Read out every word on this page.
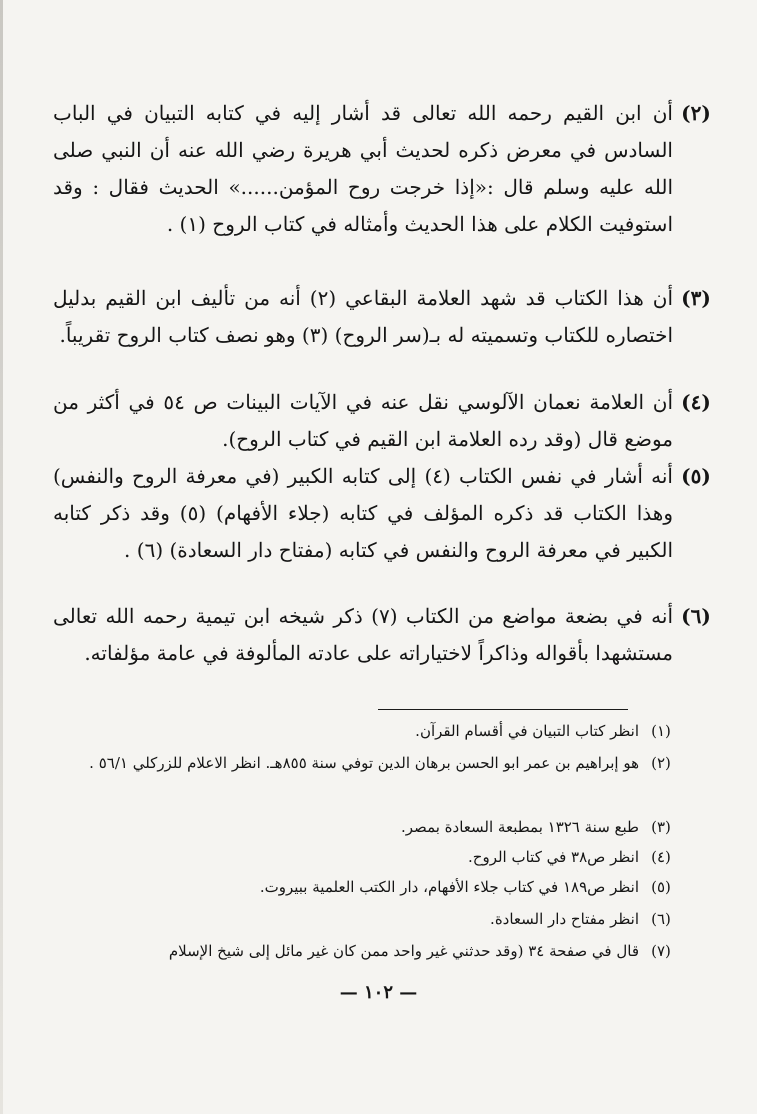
(٢)
أن ابن القيم رحمه الله تعالى قد أشار إليه في كتابه التبيان في الباب السادس في معرض ذكره لحديث أبي هريرة رضي الله عنه أن النبي صلى الله عليه وسلم قال :«إذا خرجت روح المؤمن......» الحديث فقال : وقد استوفيت الكلام على هذا الحديث وأمثاله في كتاب الروح (١) .
(٣)
أن هذا الكتاب قد شهد العلامة البقاعي (٢) أنه من تأليف ابن القيم بدليل اختصاره للكتاب وتسميته له بـ(سر الروح) (٣) وهو نصف كتاب الروح تقريباً.
(٤)
أن العلامة نعمان الآلوسي نقل عنه في الآيات البينات ص ٥٤ في أكثر من موضع قال (وقد رده العلامة ابن القيم في كتاب الروح).
(٥)
أنه أشار في نفس الكتاب (٤) إلى كتابه الكبير (في معرفة الروح والنفس) وهذا الكتاب قد ذكره المؤلف في كتابه (جلاء الأفهام) (٥) وقد ذكر كتابه الكبير في معرفة الروح والنفس في كتابه (مفتاح دار السعادة) (٦) .
(٦)
أنه في بضعة مواضع من الكتاب (٧) ذكر شيخه ابن تيمية رحمه الله تعالى مستشهدا بأقواله وذاكراً لاختياراته على عادته المألوفة في عامة مؤلفاته.
(١)
انظر كتاب التبيان في أقسام القرآن.
(٢)
هو إبراهيم بن عمر ابو الحسن برهان الدين توفي سنة ٨٥٥هـ. انظر الاعلام للزركلي ٥٦/١ .
(٣)
طبع سنة ١٣٢٦ بمطبعة السعادة بمصر.
(٤)
انظر ص٣٨ في كتاب الروح.
(٥)
انظر ص١٨٩ في كتاب جلاء الأفهام، دار الكتب العلمية ببيروت.
(٦)
انظر مفتاح دار السعادة.
(٧)
قال في صفحة ٣٤ (وقد حدثني غير واحد ممن كان غير مائل إلى شيخ الإسلام
— ١٠٢ —
